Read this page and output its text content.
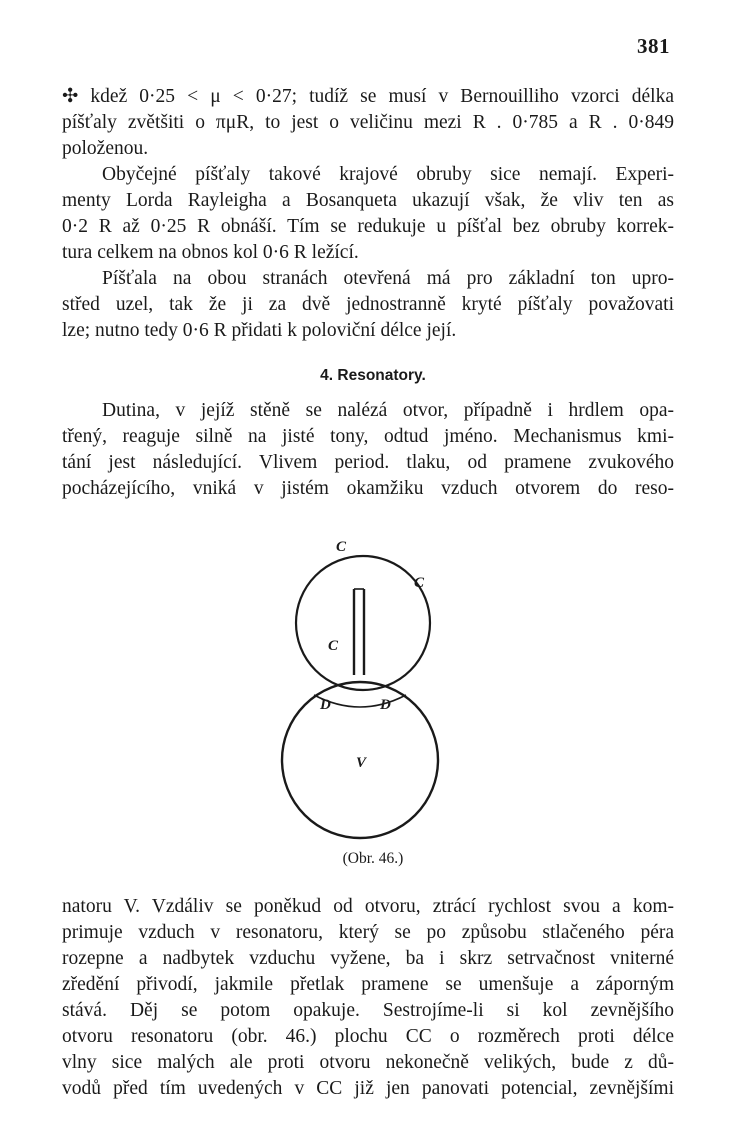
381
✣ kdež 0·25 < μ < 0·27; tudíž se musí v Bernouilliho vzorci délka
píšťaly zvětšiti o πμR, to jest o veličinu mezi R . 0·785 a R . 0·849
položenou.
Obyčejné píšťaly takové krajové obruby sice nemají. Experi-
menty Lorda Rayleigha a Bosanqueta ukazují však, že vliv ten as
0·2 R až 0·25 R obnáší. Tím se redukuje u píšťal bez obruby korrek-
tura celkem na obnos kol 0·6 R ležící.
Píšťala na obou stranách otevřená má pro základní ton upro-
střed uzel, tak že ji za dvě jednostranně kryté píšťaly považovati
lze; nutno tedy 0·6 R přidati k poloviční délce její.
4. Resonatory.
Dutina, v jejíž stěně se nalézá otvor, případně i hrdlem opa-
třený, reaguje silně na jisté tony, odtud jméno. Mechanismus kmi-
tání jest následující. Vlivem period. tlaku, od pramene zvukového
pocházejícího, vniká v jistém okamžiku vzduch otvorem do reso-
C
C
C
D	D
V
(Obr. 46.)
natoru V. Vzdáliv se poněkud od otvoru, ztrácí rychlost svou a kom-
primuje vzduch v resonatoru, který se po způsobu stlačeného péra
rozepne a nadbytek vzduchu vyžene, ba i skrz setrvačnost vniterné
zředění přivodí, jakmile přetlak pramene se umenšuje a záporným
stává. Děj se potom opakuje. Sestrojíme-li si kol zevnějšího
otvoru resonatoru (obr. 46.) plochu CC o rozměrech proti délce
vlny sice malých ale proti otvoru nekonečně velikých, bude z dů-
vodů před tím uvedených v CC již jen panovati potencial, zevnějšími
